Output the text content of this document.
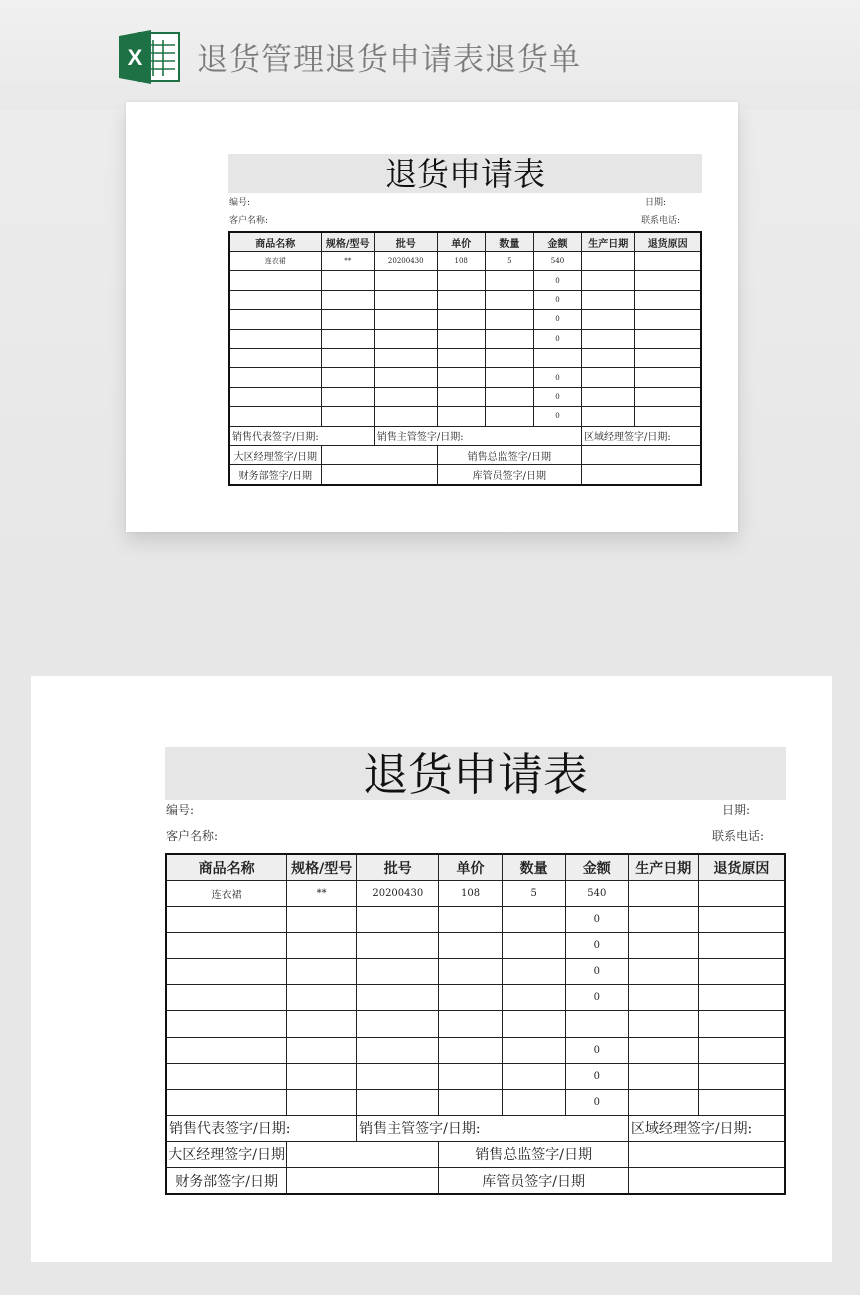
X 退货管理退货申请表退货单
退货申请表
编号:	日期:
客户名称:	联系电话:
商品名称	规格/型号	批号	单价	数量	金额	生产日期	退货原因
连衣裙	**	20200430	108	5	540		
					0		
					0		
					0		
					0		

					0		
					0		
					0		
销售代表签字/日期:		销售主管签字/日期:				区域经理签字/日期:	
大区经理签字/日期			销售总监签字/日期				
财务部签字/日期			库管员签字/日期				
退货申请表
编号:	日期:
客户名称:	联系电话:
商品名称	规格/型号	批号	单价	数量	金额	生产日期	退货原因
连衣裙	**	20200430	108	5	540		
					0		
					0		
					0		
					0		

					0		
					0		
					0		
销售代表签字/日期:		销售主管签字/日期:				区域经理签字/日期:	
大区经理签字/日期			销售总监签字/日期				
财务部签字/日期			库管员签字/日期				
